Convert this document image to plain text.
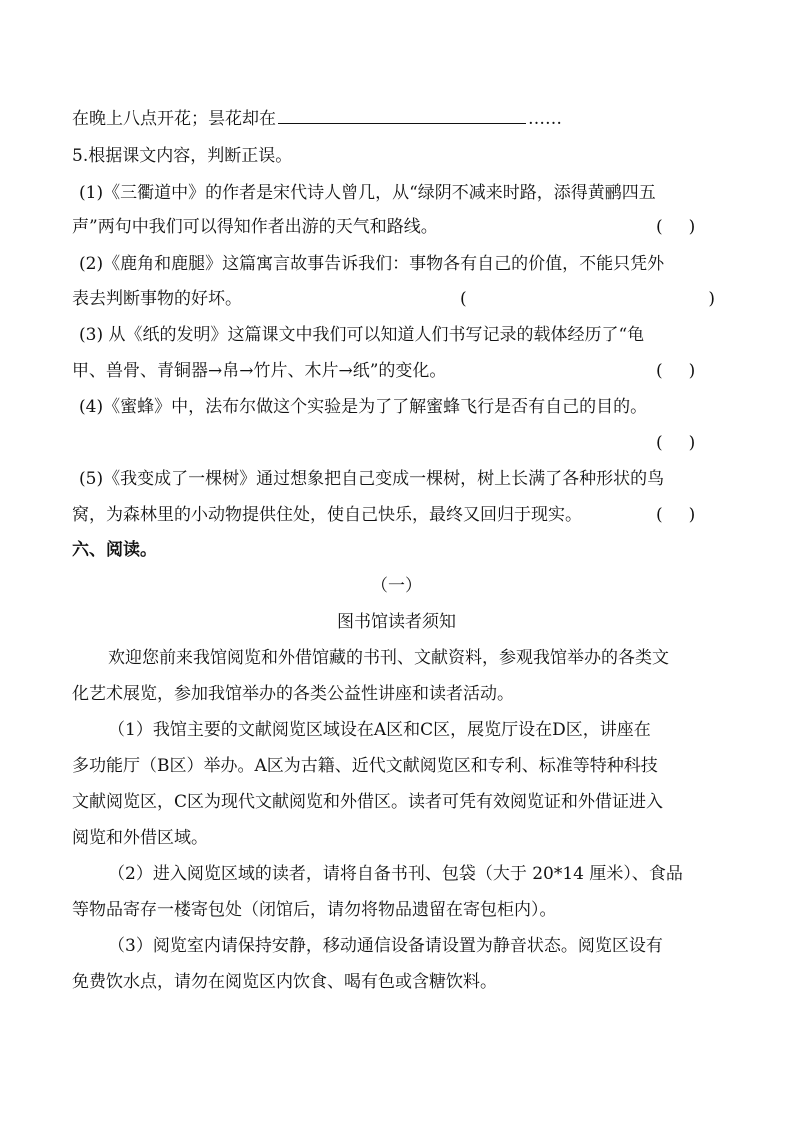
在晚上八点开花；昙花却在	……
5.根据课文内容，判断正误。
(1)《三衢道中》的作者是宋代诗人曾几，从“绿阴不减来时路，添得黄鹂四五
声”两句中我们可以得知作者出游的天气和路线。	( )
(2)《鹿角和鹿腿》这篇寓言故事告诉我们：事物各有自己的价值，不能只凭外
表去判断事物的好坏。	(	)
(3) 从《纸的发明》这篇课文中我们可以知道人们书写记录的载体经历了“龟
甲、兽骨、青铜器→帛→竹片、木片→纸”的变化。	( )
(4)《蜜蜂》中，法布尔做这个实验是为了了解蜜蜂飞行是否有自己的目的。
( )
(5)《我变成了一棵树》通过想象把自己变成一棵树，树上长满了各种形状的鸟
窝，为森林里的小动物提供住处，使自己快乐，最终又回归于现实。	( )
六、阅读。
（一）
图书馆读者须知
欢迎您前来我馆阅览和外借馆藏的书刊、文献资料，参观我馆举办的各类文
化艺术展览，参加我馆举办的各类公益性讲座和读者活动。
（1）我馆主要的文献阅览区域设在A区和C区，展览厅设在D区，讲座在
多功能厅（B区）举办。A区为古籍、近代文献阅览区和专利、标准等特种科技
文献阅览区，C区为现代文献阅览和外借区。读者可凭有效阅览证和外借证进入
阅览和外借区域。
（2）进入阅览区域的读者，请将自备书刊、包袋（大于 20*14 厘米）、食品
等物品寄存一楼寄包处（闭馆后，请勿将物品遗留在寄包柜内）。
（3）阅览室内请保持安静，移动通信设备请设置为静音状态。阅览区设有
免费饮水点，请勿在阅览区内饮食、喝有色或含糖饮料。
